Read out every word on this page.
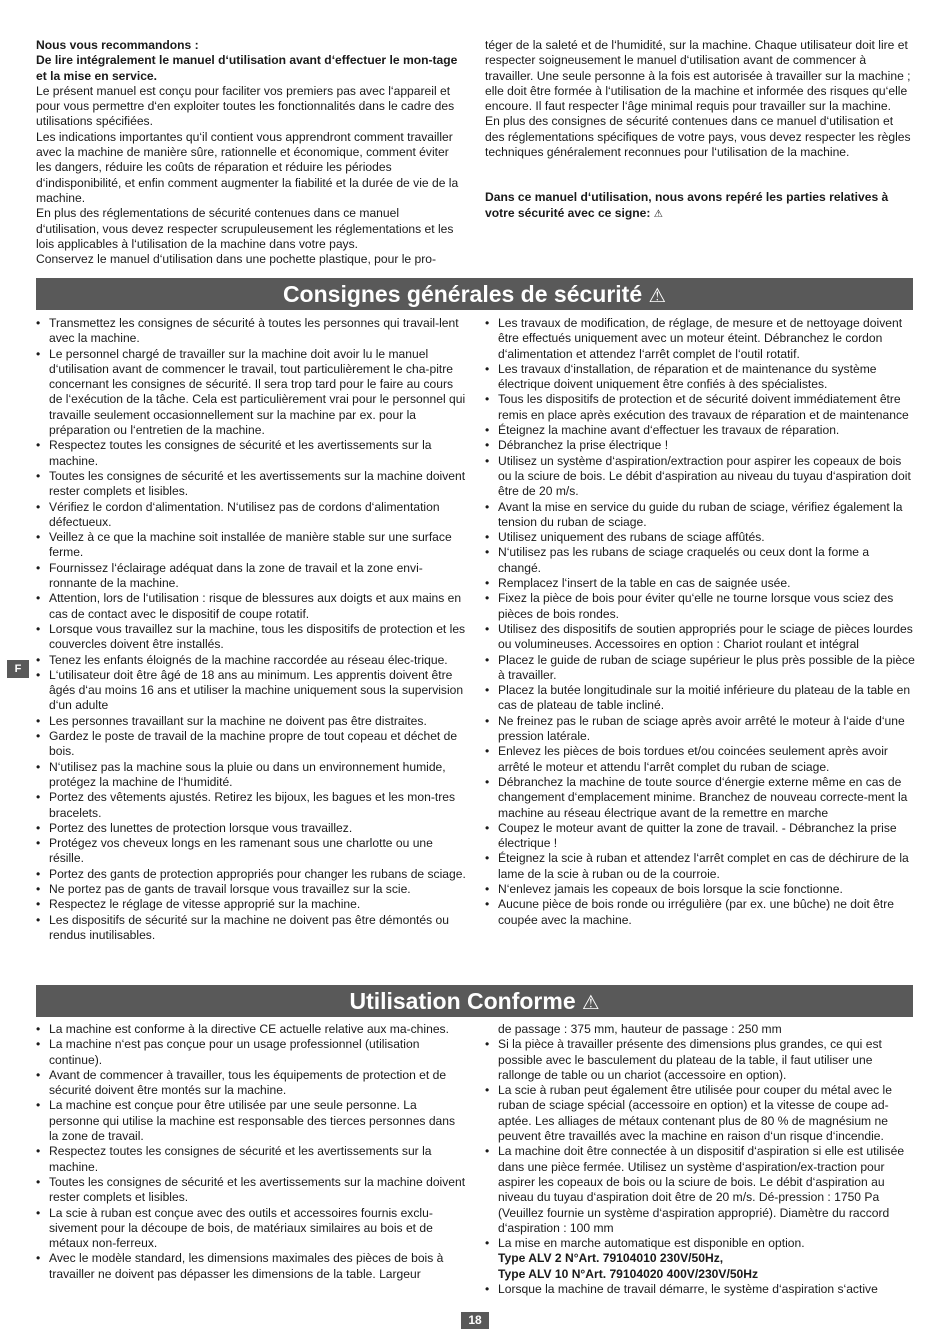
Nous vous recommandons :

De lire intégralement le manuel d‘utilisation avant d‘effectuer le mon-tage et la mise en service.

Le présent manuel est conçu pour faciliter vos premiers pas avec l‘appareil et pour vous permettre d‘en exploiter toutes les fonctionnalités dans le cadre des utilisations spécifiées.

Les indications importantes qu‘il contient vous apprendront comment travailler avec la machine de manière sûre, rationnelle et économique, comment éviter les dangers, réduire les coûts de réparation et réduire les périodes d‘indisponibilité, et enfin comment augmenter la fiabilité et la durée de vie de la machine.

En plus des réglementations de sécurité contenues dans ce manuel d‘utilisation, vous devez respecter scrupuleusement les réglementations et les lois applicables à l‘utilisation de la machine dans votre pays.

Conservez le manuel d‘utilisation dans une pochette plastique, pour le pro-

téger de la saleté et de l‘humidité, sur la machine. Chaque utilisateur doit lire et respecter soigneusement le manuel d‘utilisation avant de commencer à travailler. Une seule personne à la fois est autorisée à travailler sur la machine ; elle doit être formée à l‘utilisation de la machine et informée des risques qu‘elle encoure. Il faut respecter l‘âge minimal requis pour travailler sur la machine.

En plus des consignes de sécurité contenues dans ce manuel d‘utilisation et des réglementations spécifiques de votre pays, vous devez respecter les règles techniques généralement reconnues pour l‘utilisation de la machine.

Dans ce manuel d‘utilisation, nous avons repéré les parties relatives à votre sécurité avec ce signe: ⚠

Consignes générales de sécurité ⚠
• Transmettez les consignes de sécurité à toutes les personnes qui travail-lent avec la machine.
• Le personnel chargé de travailler sur la machine doit avoir lu le manuel d‘utilisation avant de commencer le travail, tout particulièrement le cha-pitre concernant les consignes de sécurité. Il sera trop tard pour le faire au cours de l‘exécution de la tâche. Cela est particulièrement vrai pour le personnel qui travaille seulement occasionnellement sur la machine par ex. pour la préparation ou l‘entretien de la machine.
• Respectez toutes les consignes de sécurité et les avertissements sur la machine.
• Toutes les consignes de sécurité et les avertissements sur la machine doivent rester complets et lisibles.
• Vérifiez le cordon d‘alimentation. N‘utilisez pas de cordons d‘alimentation défectueux.
• Veillez à ce que la machine soit installée de manière stable sur une surface ferme.
• Fournissez l‘éclairage adéquat dans la zone de travail et la zone envi-ronnante de la machine.
• Attention, lors de l‘utilisation : risque de blessures aux doigts et aux mains en cas de contact avec le dispositif de coupe rotatif.
• Lorsque vous travaillez sur la machine, tous les dispositifs de protection et les couvercles doivent être installés.
• Tenez les enfants éloignés de la machine raccordée au réseau élec-trique.
• L‘utilisateur doit être âgé de 18 ans au minimum. Les apprentis doivent être âgés d‘au moins 16 ans et utiliser la machine uniquement sous la supervision d‘un adulte
• Les personnes travaillant sur la machine ne doivent pas être distraites.
• Gardez le poste de travail de la machine propre de tout copeau et déchet de bois.
• N‘utilisez pas la machine sous la pluie ou dans un environnement humide, protégez la machine de l‘humidité.
• Portez des vêtements ajustés. Retirez les bijoux, les bagues et les mon-tres bracelets.
• Portez des lunettes de protection lorsque vous travaillez.
• Protégez vos cheveux longs en les ramenant sous une charlotte ou une résille.
• Portez des gants de protection appropriés pour changer les rubans de sciage.
• Ne portez pas de gants de travail lorsque vous travaillez sur la scie.
• Respectez le réglage de vitesse approprié sur la machine.
• Les dispositifs de sécurité sur la machine ne doivent pas être démontés ou rendus inutilisables.
• Les travaux de modification, de réglage, de mesure et de nettoyage doivent être effectués uniquement avec un moteur éteint. Débranchez le cordon d‘alimentation et attendez l‘arrêt complet de l‘outil rotatif.
• Les travaux d‘installation, de réparation et de maintenance du système électrique doivent uniquement être confiés à des spécialistes.
• Tous les dispositifs de protection et de sécurité doivent immédiatement être remis en place après exécution des travaux de réparation et de maintenance
• Éteignez la machine avant d‘effectuer les travaux de réparation.
• Débranchez la prise électrique !
• Utilisez un système d‘aspiration/extraction pour aspirer les copeaux de bois ou la sciure de bois. Le débit d‘aspiration au niveau du tuyau d‘aspiration doit être de 20 m/s.
• Avant la mise en service du guide du ruban de sciage, vérifiez également la tension du ruban de sciage.
• Utilisez uniquement des rubans de sciage affûtés.
• N‘utilisez pas les rubans de sciage craquelés ou ceux dont la forme a changé.
• Remplacez l‘insert de la table en cas de saignée usée.
• Fixez la pièce de bois pour éviter qu‘elle ne tourne lorsque vous sciez des pièces de bois rondes.
• Utilisez des dispositifs de soutien appropriés pour le sciage de pièces lourdes ou volumineuses. Accessoires en option : Chariot roulant et intégral
• Placez le guide de ruban de sciage supérieur le plus près possible de la pièce à travailler.
• Placez la butée longitudinale sur la moitié inférieure du plateau de la table en cas de plateau de table incliné.
• Ne freinez pas le ruban de sciage après avoir arrêté le moteur à l‘aide d‘une pression latérale.
• Enlevez les pièces de bois tordues et/ou coincées seulement après avoir arrêté le moteur et attendu l‘arrêt complet du ruban de sciage.
• Débranchez la machine de toute source d‘énergie externe même en cas de changement d‘emplacement minime. Branchez de nouveau correcte-ment la machine au réseau électrique avant de la remettre en marche
• Coupez le moteur avant de quitter la zone de travail. - Débranchez la prise électrique !
• Éteignez la scie à ruban et attendez l‘arrêt complet en cas de déchirure de la lame de la scie à ruban ou de la courroie.
• N‘enlevez jamais les copeaux de bois lorsque la scie fonctionne.
• Aucune pièce de bois ronde ou irrégulière (par ex. une bûche) ne doit être coupée avec la machine.
F
Utilisation Conforme ⚠
• La machine est conforme à la directive CE actuelle relative aux ma-chines.
• La machine n‘est pas conçue pour un usage professionnel (utilisation continue).
• Avant de commencer à travailler, tous les équipements de protection et de sécurité doivent être montés sur la machine.
• La machine est conçue pour être utilisée par une seule personne. La personne qui utilise la machine est responsable des tierces personnes dans la zone de travail.
• Respectez toutes les consignes de sécurité et les avertissements sur la machine.
• Toutes les consignes de sécurité et les avertissements sur la machine doivent rester complets et lisibles.
• La scie à ruban est conçue avec des outils et accessoires fournis exclu-sivement pour la découpe de bois, de matériaux similaires au bois et de métaux non-ferreux.
• Avec le modèle standard, les dimensions maximales des pièces de bois à travailler ne doivent pas dépasser les dimensions de la table. Largeur

de passage : 375 mm, hauteur de passage : 250 mm

• Si la pièce à travailler présente des dimensions plus grandes, ce qui est possible avec le basculement du plateau de la table, il faut utiliser une rallonge de table ou un chariot (accessoire en option).
• La scie à ruban peut également être utilisée pour couper du métal avec le ruban de sciage spécial (accessoire en option) et la vitesse de coupe ad-aptée. Les alliages de métaux contenant plus de 80 % de magnésium ne peuvent être travaillés avec la machine en raison d‘un risque d‘incendie.
• La machine doit être connectée à un dispositif d‘aspiration si elle est utilisée dans une pièce fermée. Utilisez un système d‘aspiration/ex-traction pour aspirer les copeaux de bois ou la sciure de bois. Le débit d‘aspiration au niveau du tuyau d‘aspiration doit être de 20 m/s. Dé-pression : 1750 Pa (Veuillez fournie un système d‘aspiration approprié). Diamètre du raccord d‘aspiration : 100 mm
• La mise en marche automatique est disponible en option.

Type ALV 2 N°Art. 79104010 230V/50Hz,

Type ALV 10 N°Art. 79104020 400V/230V/50Hz

• Lorsque la machine de travail démarre, le système d‘aspiration s‘active
18
